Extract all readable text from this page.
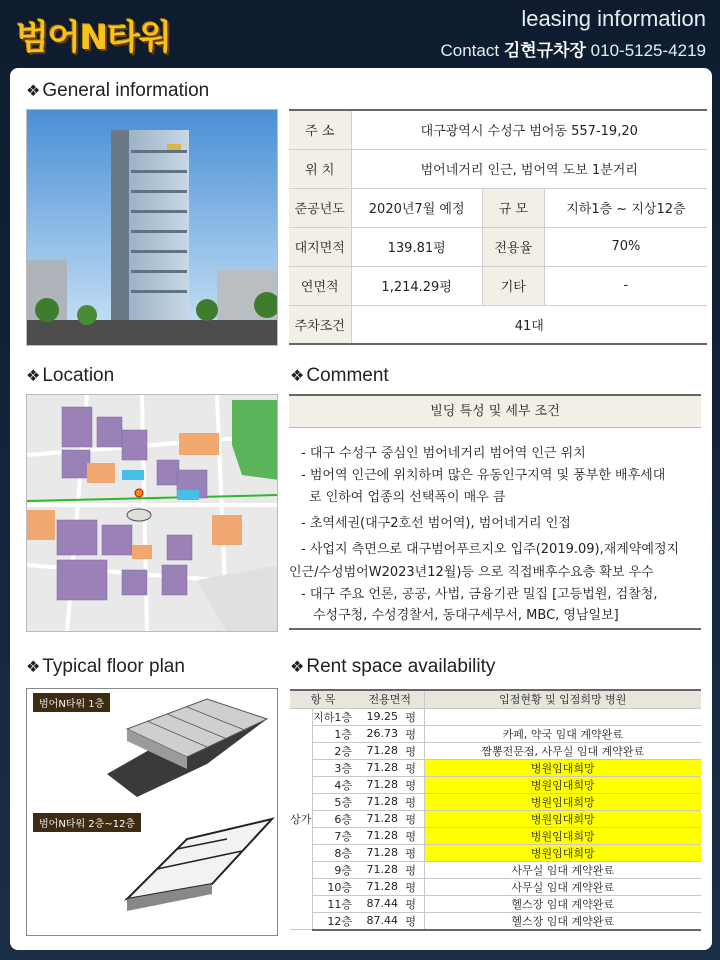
범어N타워	leasing information
Contact 김현규차장 010-5125-4219
❖ General information
주 소	대구광역시 수성구 범어동 557-19,20		
위 치	범어네거리 인근, 범어역 도보 1분거리		
준공년도	2020년7월 예정	규 모	지하1층 ~ 지상12층
대지면적	139.81평	전용율	70%
연면적	1,214.29평	기타	-
주차조건	41대		
❖ Location	❖ Comment
빌딩 특성 및 세부 조건
- 대구 수성구 중심인 범어네거리 범어역 인근 위치
- 범어역 인근에 위치하며 많은 유동인구지역 및 풍부한 배후세대
로 인하여 업종의 선택폭이 매우 큼
- 초역세권(대구2호선 범어역), 범어네거리 인접
- 사업지 측면으로 대구범어푸르지오 입주(2019.09),재계약예정지
인근/수성범어W2023년12월)등 으로 직접배후수요층 확보 우수
- 대구 주요 언론, 공공, 사법, 금융기관 밀집 [고등법원, 검찰청,
수성구청, 수성경찰서, 동대구세무서, MBC, 영남일보]
❖ Typical floor plan
범어N타워 1층
범어N타워 2층~12층
❖ Rent space availability
항 목		전용면적		입점현황 및 입점희망 병원
상가	지하1층	19.25	평	
	1층	26.73	평	카페, 약국 임대 계약완료
	2층	71.28	평	짬뽕전문점, 사무실 임대 계약완료
	3층	71.28	평	병원임대희망
	4층	71.28	평	병원임대희망
	5층	71.28	평	병원임대희망
	6층	71.28	평	병원임대희망
	7층	71.28	평	병원임대희망
	8층	71.28	평	병원임대희망
	9층	71.28	평	사무실 임대 계약완료
	10층	71.28	평	사무실 임대 계약완료
	11층	87.44	평	헬스장 임대 계약완료
	12층	87.44	평	헬스장 임대 계약완료
